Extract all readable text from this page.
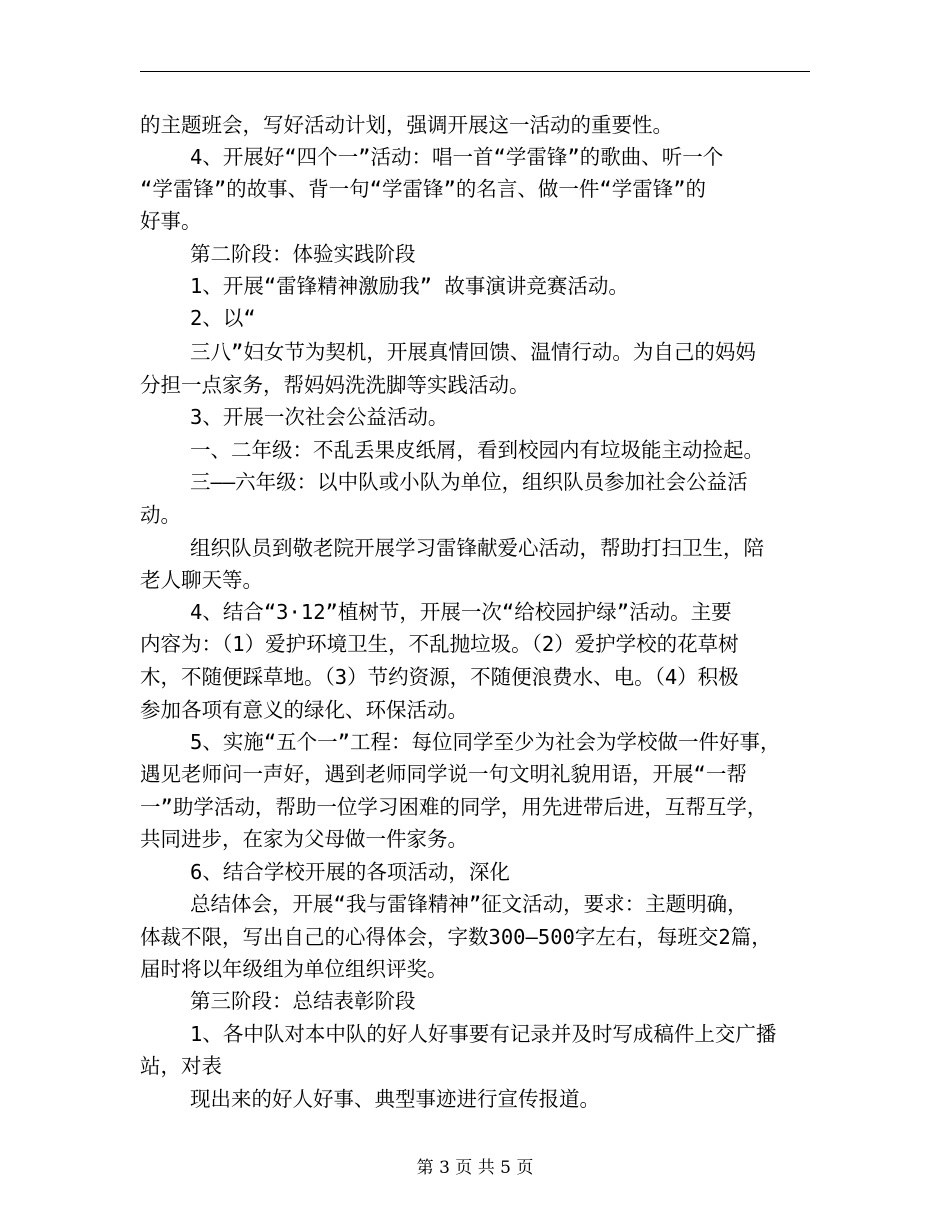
的主题班会，写好活动计划，强调开展这一活动的重要性。
4、开展好“四个一”活动：唱一首“学雷锋”的歌曲、听一个
“学雷锋”的故事、背一句“学雷锋”的名言、做一件“学雷锋”的
好事。
第二阶段：体验实践阶段
1、开展“雷锋精神激励我” 故事演讲竞赛活动。
2、以“
三八”妇女节为契机，开展真情回馈、温情行动。为自己的妈妈
分担一点家务，帮妈妈洗洗脚等实践活动。
3、开展一次社会公益活动。
一、二年级：不乱丢果皮纸屑，看到校园内有垃圾能主动捡起。
三——六年级：以中队或小队为单位，组织队员参加社会公益活
动。
组织队员到敬老院开展学习雷锋献爱心活动，帮助打扫卫生，陪
老人聊天等。
4、结合“3·12”植树节，开展一次“给校园护绿”活动。主要
内容为：（1）爱护环境卫生，不乱抛垃圾。（2）爱护学校的花草树
木，不随便踩草地。（3）节约资源，不随便浪费水、电。（4）积极
参加各项有意义的绿化、环保活动。
5、实施“五个一”工程：每位同学至少为社会为学校做一件好事，
遇见老师问一声好，遇到老师同学说一句文明礼貌用语，开展“一帮
一”助学活动，帮助一位学习困难的同学，用先进带后进，互帮互学，
共同进步，在家为父母做一件家务。
6、结合学校开展的各项活动，深化
总结体会，开展“我与雷锋精神”征文活动，要求：主题明确，
体裁不限，写出自己的心得体会，字数300—500字左右，每班交2篇，
届时将以年级组为单位组织评奖。
第三阶段：总结表彰阶段
1、各中队对本中队的好人好事要有记录并及时写成稿件上交广播
站，对表
现出来的好人好事、典型事迹进行宣传报道。
第 3 页 共 5 页
